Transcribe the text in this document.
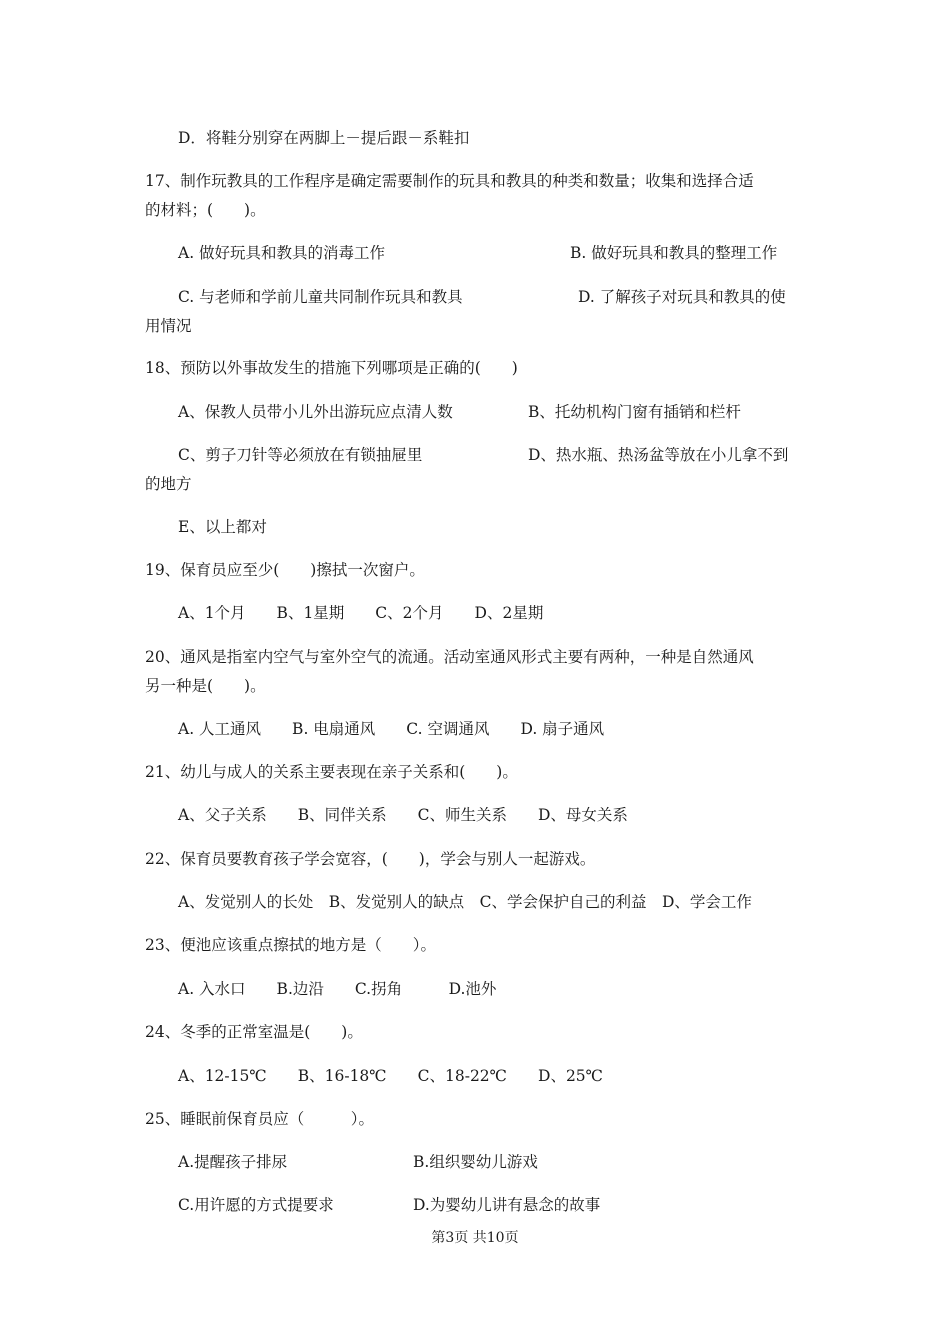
D．将鞋分别穿在两脚上－提后跟－系鞋扣

17、制作玩教具的工作程序是确定需要制作的玩具和教具的种类和数量；收集和选择合适

的材料；(　　)。

A. 做好玩具和教具的消毒工作	B. 做好玩具和教具的整理工作

C. 与老师和学前儿童共同制作玩具和教具	D. 了解孩子对玩具和教具的使

用情况

18、预防以外事故发生的措施下列哪项是正确的(　　)

A、保教人员带小儿外出游玩应点清人数	B、托幼机构门窗有插销和栏杆

C、剪子刀针等必须放在有锁抽屉里	D、热水瓶、热汤盆等放在小儿拿不到

的地方

E、以上都对

19、保育员应至少(　　)擦拭一次窗户。

A、1个月　　B、1星期　　C、2个月　　D、2星期

20、通风是指室内空气与室外空气的流通。活动室通风形式主要有两种，一种是自然通风

另一种是(　　)。

A. 人工通风　　B. 电扇通风　　C. 空调通风　　D. 扇子通风

21、幼儿与成人的关系主要表现在亲子关系和(　　)。

A、父子关系　　B、同伴关系　　C、师生关系　　D、母女关系

22、保育员要教育孩子学会宽容，(　　)，学会与别人一起游戏。

A、发觉别人的长处　B、发觉别人的缺点　C、学会保护自己的利益　D、学会工作

23、便池应该重点擦拭的地方是（　　）。

A. 入水口　　B.边沿　　C.拐角　　　D.池外

24、冬季的正常室温是(　　)。

A、12-15℃　　B、16-18℃　　C、18-22℃　　D、25℃

25、睡眠前保育员应（　　　）。

A.提醒孩子排尿	B.组织婴幼儿游戏

C.用许愿的方式提要求	D.为婴幼儿讲有悬念的故事

第3页 共10页
